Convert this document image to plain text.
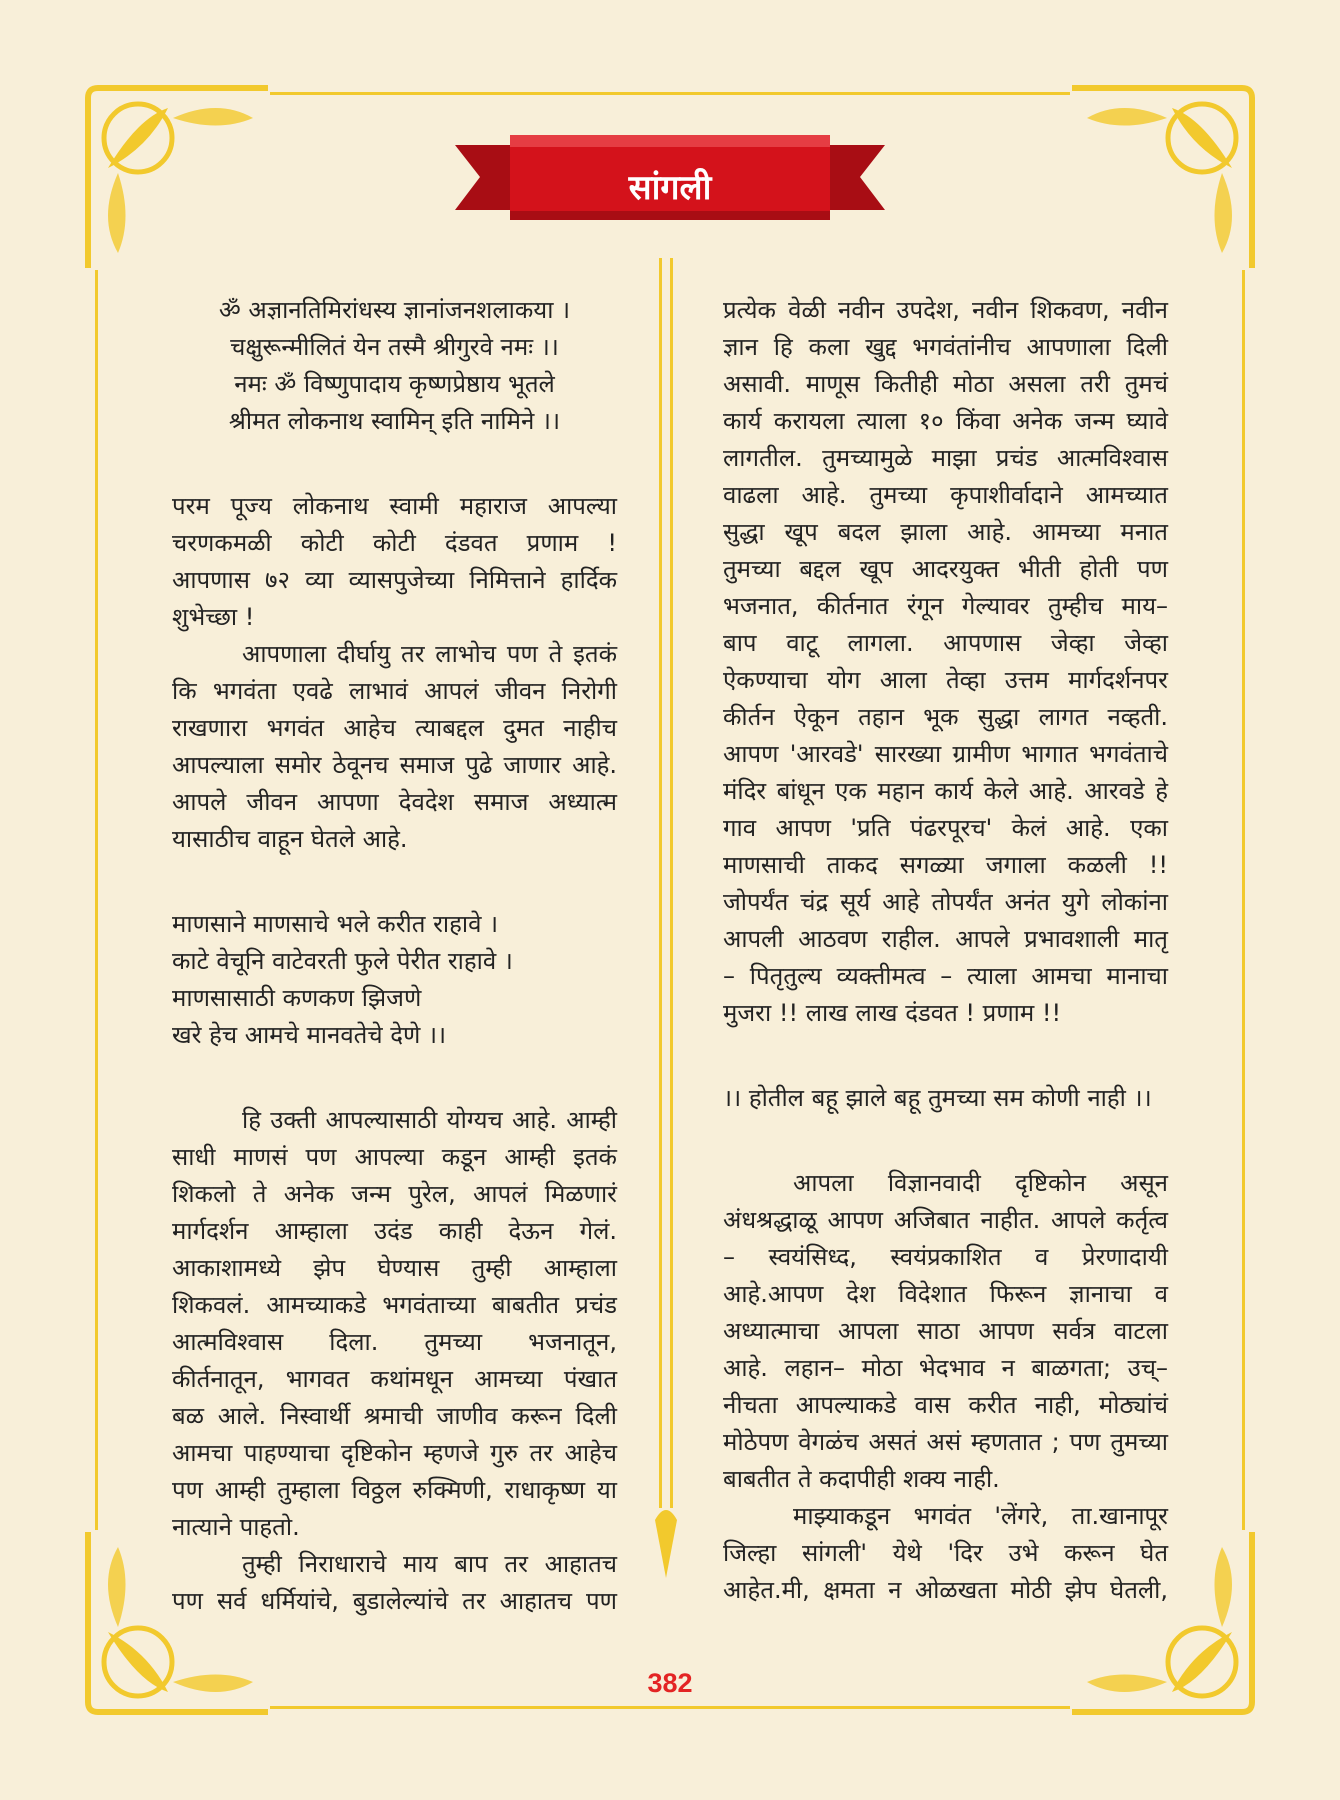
सांगली
ॐ अज्ञानतिमिरांधस्य ज्ञानांजनशलाकया ।
चक्षुरून्मीलितं येन तस्मै श्रीगुरवे नमः ।।
नमः ॐ विष्णुपादाय कृष्णप्रेष्ठाय भूतले
श्रीमत लोकनाथ स्वामिन् इति नामिने ।।
परम पूज्य लोकनाथ स्वामी महाराज आपल्या
चरणकमळी कोटी कोटी दंडवत प्रणाम !
आपणास ७२ व्या व्यासपुजेच्या निमित्ताने हार्दिक
शुभेच्छा !
आपणाला दीर्घायु तर लाभोच पण ते इतकं
कि भगवंता एवढे लाभावं आपलं जीवन निरोगी
राखणारा भगवंत आहेच त्याबद्दल दुमत नाहीच
आपल्याला समोर ठेवूनच समाज पुढे जाणार आहे.
आपले जीवन आपणा देवदेश समाज अध्यात्म
यासाठीच वाहून घेतले आहे.
माणसाने माणसाचे भले करीत राहावे ।
काटे वेचूनि वाटेवरती फुले पेरीत राहावे ।
माणसासाठी कणकण झिजणे
खरे हेच आमचे मानवतेचे देणे ।।
हि उक्ती आपल्यासाठी योग्यच आहे. आम्ही
साधी माणसं पण आपल्या कडून आम्ही इतकं
शिकलो ते अनेक जन्म पुरेल, आपलं मिळणारं
मार्गदर्शन आम्हाला उदंड काही देऊन गेलं.
आकाशामध्ये झेप घेण्यास तुम्ही आम्हाला
शिकवलं. आमच्याकडे भगवंताच्या बाबतीत प्रचंड
आत्मविश्वास दिला. तुमच्या भजनातून,
कीर्तनातून, भागवत कथांमधून आमच्या पंखात
बळ आले. निस्वार्थी श्रमाची जाणीव करून दिली
आमचा पाहण्याचा दृष्टिकोन म्हणजे गुरु तर आहेच
पण आम्ही तुम्हाला विठ्ठल रुक्मिणी, राधाकृष्ण या
नात्याने पाहतो.
तुम्ही निराधाराचे माय बाप तर आहातच
पण सर्व धर्मियांचे, बुडालेल्यांचे तर आहातच पण
प्रत्येक वेळी नवीन उपदेश, नवीन शिकवण, नवीन
ज्ञान हि कला खुद्द भगवंतांनीच आपणाला दिली
असावी. माणूस कितीही मोठा असला तरी तुमचं
कार्य करायला त्याला १० किंवा अनेक जन्म घ्यावे
लागतील. तुमच्यामुळे माझा प्रचंड आत्मविश्वास
वाढला आहे. तुमच्या कृपाशीर्वादाने आमच्यात
सुद्धा खूप बदल झाला आहे. आमच्या मनात
तुमच्या बद्दल खूप आदरयुक्त भीती होती पण
भजनात, कीर्तनात रंगून गेल्यावर तुम्हीच माय–
बाप वाटू लागला. आपणास जेव्हा जेव्हा
ऐकण्याचा योग आला तेव्हा उत्तम मार्गदर्शनपर
कीर्तन ऐकून तहान भूक सुद्धा लागत नव्हती.
आपण 'आरवडे' सारख्या ग्रामीण भागात भगवंताचे
मंदिर बांधून एक महान कार्य केले आहे. आरवडे हे
गाव आपण 'प्रति पंढरपूरच' केलं आहे. एका
माणसाची ताकद सगळ्या जगाला कळली !!
जोपर्यंत चंद्र सूर्य आहे तोपर्यंत अनंत युगे लोकांना
आपली आठवण राहील. आपले प्रभावशाली मातृ
– पितृतुल्य व्यक्तीमत्व – त्याला आमचा मानाचा
मुजरा !! लाख लाख दंडवत ! प्रणाम !!
।। होतील बहू झाले बहू तुमच्या सम कोणी नाही ।।
आपला विज्ञानवादी दृष्टिकोन असून
अंधश्रद्धाळू आपण अजिबात नाहीत. आपले कर्तृत्व
– स्वयंसिध्द, स्वयंप्रकाशित व प्रेरणादायी
आहे.आपण देश विदेशात फिरून ज्ञानाचा व
अध्यात्माचा आपला साठा आपण सर्वत्र वाटला
आहे. लहान– मोठा भेदभाव न बाळगता; उच्–
नीचता आपल्याकडे वास करीत नाही, मोठ्यांचं
मोठेपण वेगळंच असतं असं म्हणतात ; पण तुमच्या
बाबतीत ते कदापीही शक्य नाही.
माझ्याकडून भगवंत 'लेंगरे, ता.खानापूर
जिल्हा सांगली' येथे 'दिर उभे करून घेत
आहेत.मी, क्षमता न ओळखता मोठी झेप घेतली,
382
